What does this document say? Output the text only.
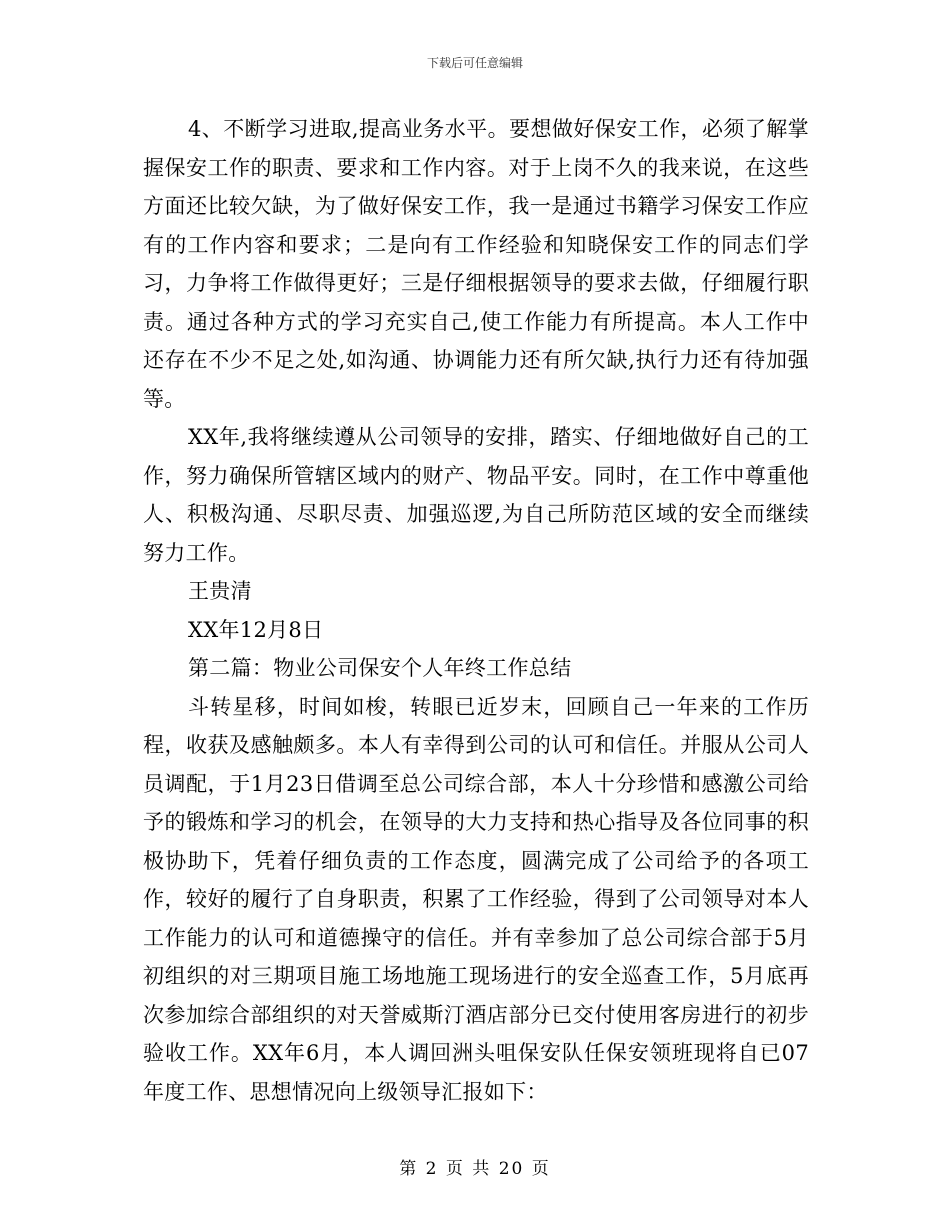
下载后可任意编辑

4、不断学习进取,提高业务水平。要想做好保安工作，必须了解掌握保安工作的职责、要求和工作内容。对于上岗不久的我来说，在这些方面还比较欠缺，为了做好保安工作，我一是通过书籍学习保安工作应有的工作内容和要求；二是向有工作经验和知晓保安工作的同志们学习，力争将工作做得更好；三是仔细根据领导的要求去做，仔细履行职责。通过各种方式的学习充实自己,使工作能力有所提高。本人工作中还存在不少不足之处,如沟通、协调能力还有所欠缺,执行力还有待加强等。

XX年,我将继续遵从公司领导的安排，踏实、仔细地做好自己的工作，努力确保所管辖区域内的财产、物品平安。同时，在工作中尊重他人、积极沟通、尽职尽责、加强巡逻,为自己所防范区域的安全而继续努力工作。

王贵清

XX年12月8日

第二篇：物业公司保安个人年终工作总结

斗转星移，时间如梭，转眼已近岁末，回顾自己一年来的工作历程，收获及感触颇多。本人有幸得到公司的认可和信任。并服从公司人员调配，于1月23日借调至总公司综合部，本人十分珍惜和感激公司给予的锻炼和学习的机会，在领导的大力支持和热心指导及各位同事的积极协助下，凭着仔细负责的工作态度，圆满完成了公司给予的各项工作，较好的履行了自身职责，积累了工作经验，得到了公司领导对本人工作能力的认可和道德操守的信任。并有幸参加了总公司综合部于5月初组织的对三期项目施工场地施工现场进行的安全巡查工作，5月底再次参加综合部组织的对天誉威斯汀酒店部分已交付使用客房进行的初步验收工作。XX年6月，本人调回洲头咀保安队任保安领班现将自已07年度工作、思想情况向上级领导汇报如下：

第 2 页 共 20 页
